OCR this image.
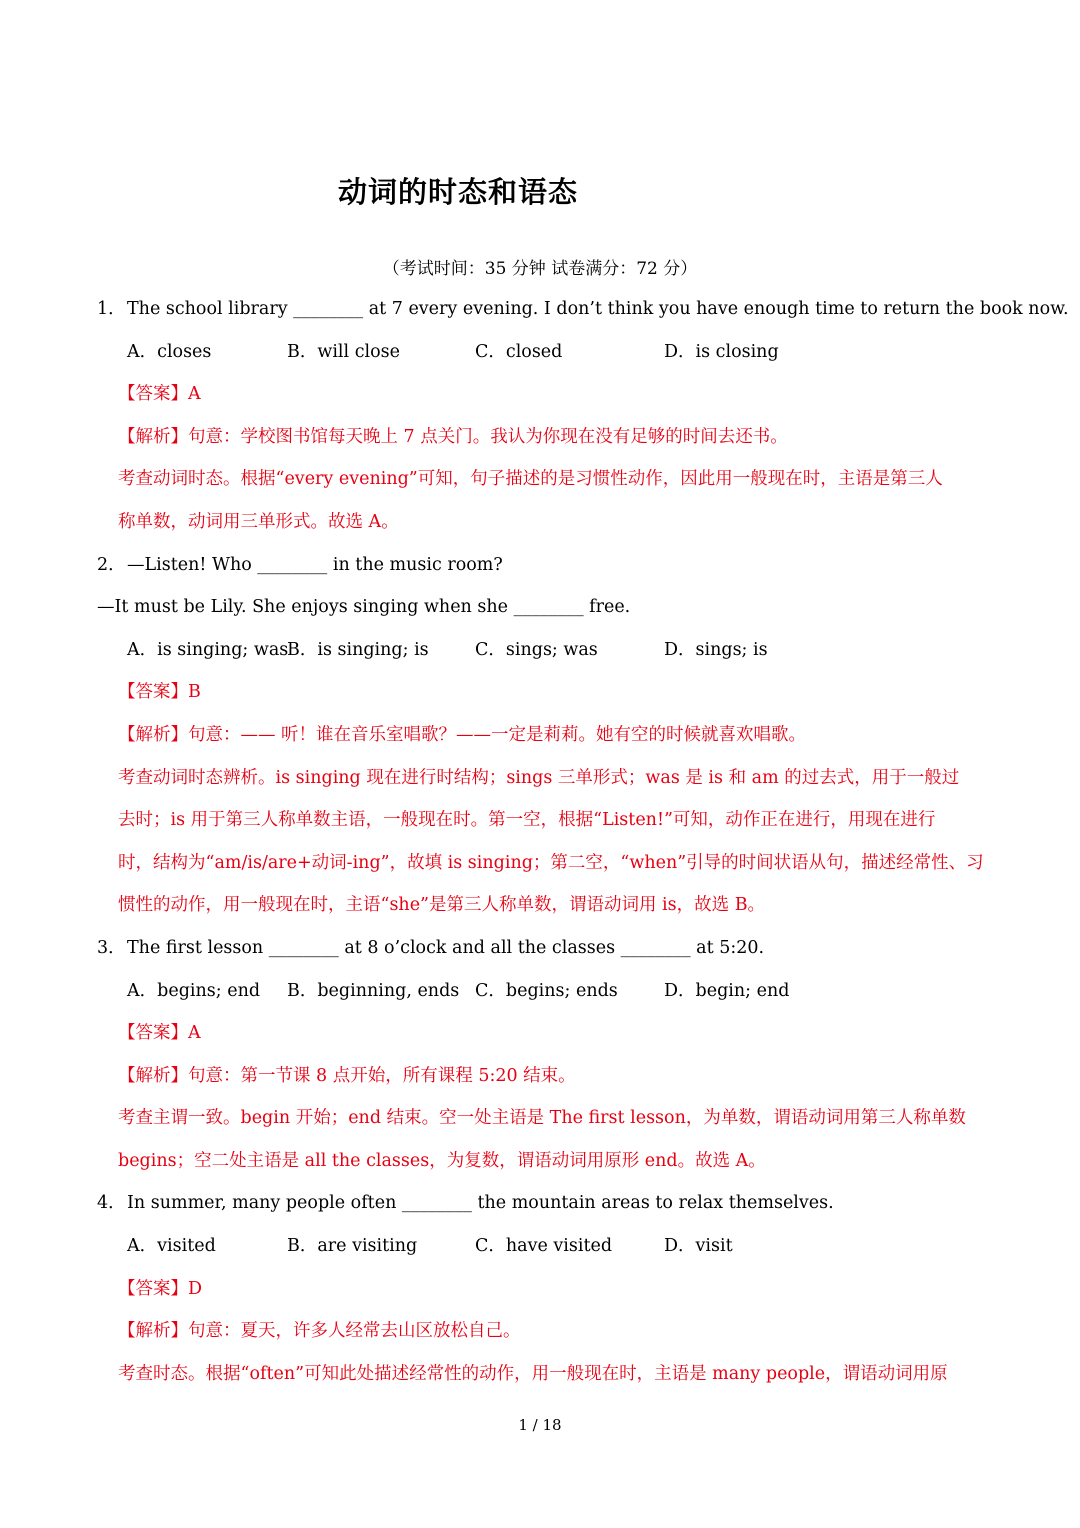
动词的时态和语态
（考试时间：35 分钟 试卷满分：72 分）
1．The school library ________ at 7 every evening. I don’t think you have enough time to return the book now.
A．closes	B．will close	C．closed	D．is closing
【答案】A
【解析】句意：学校图书馆每天晚上 7 点关门。我认为你现在没有足够的时间去还书。
考查动词时态。根据“every evening”可知，句子描述的是习惯性动作，因此用一般现在时，主语是第三人
称单数，动词用三单形式。故选 A。
2．—Listen! Who ________ in the music room?
—It must be Lily. She enjoys singing when she ________ free.
A．is singing; was
B．is singing; is	C．sings; was	D．sings; is
【答案】B
【解析】句意：—— 听！谁在音乐室唱歌？——一定是莉莉。她有空的时候就喜欢唱歌。
考查动词时态辨析。is singing 现在进行时结构；sings 三单形式；was 是 is 和 am 的过去式，用于一般过
去时；is 用于第三人称单数主语，一般现在时。第一空，根据“Listen!”可知，动作正在进行，用现在进行
时，结构为“am/is/are+动词-ing”，故填 is singing；第二空，“when”引导的时间状语从句，描述经常性、习
惯性的动作，用一般现在时，主语“she”是第三人称单数，谓语动词用 is，故选 B。
3．The first lesson ________ at 8 o’clock and all the classes ________ at 5:20.
A．begins; end B．beginning, ends C．begins; ends	D．begin; end
【答案】A
【解析】句意：第一节课 8 点开始，所有课程 5:20 结束。
考查主谓一致。begin 开始；end 结束。空一处主语是 The first lesson，为单数，谓语动词用第三人称单数
begins；空二处主语是 all the classes，为复数，谓语动词用原形 end。故选 A。
4．In summer, many people often ________ the mountain areas to relax themselves.
A．visited	B．are visiting	C．have visited	D．visit
【答案】D
【解析】句意：夏天，许多人经常去山区放松自己。
考查时态。根据“often”可知此处描述经常性的动作，用一般现在时，主语是 many people，谓语动词用原
1 / 18
